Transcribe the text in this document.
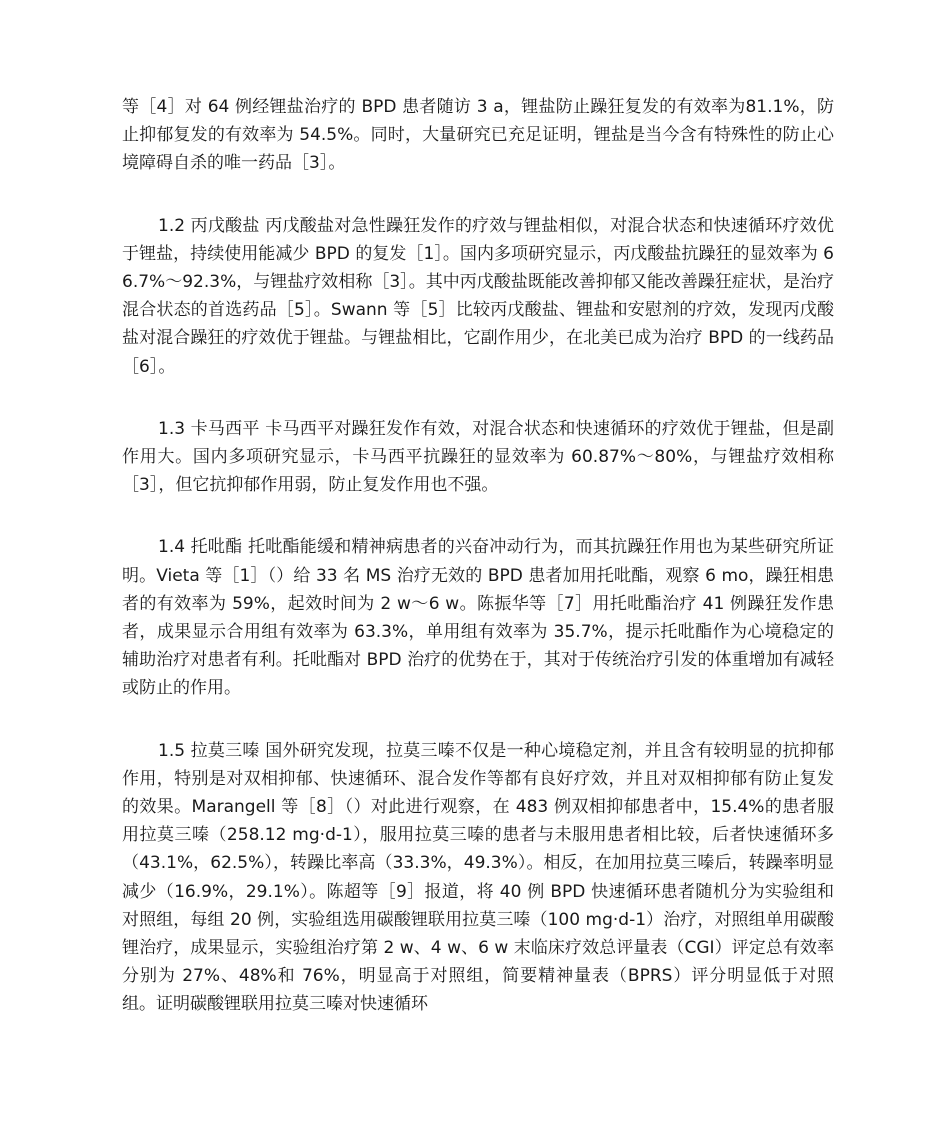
等［4］对 64 例经锂盐治疗的 BPD 患者随访 3 a，锂盐防止躁狂复发的有效率为81.1%，防止抑郁复发的有效率为 54.5%。同时，大量研究已充足证明，锂盐是当今含有特殊性的防止心境障碍自杀的唯一药品［3］。

1.2 丙戊酸盐 丙戊酸盐对急性躁狂发作的疗效与锂盐相似，对混合状态和快速循环疗效优于锂盐，持续使用能减少 BPD 的复发［1］。国内多项研究显示，丙戊酸盐抗躁狂的显效率为 66.7%～92.3%，与锂盐疗效相称［3］。其中丙戊酸盐既能改善抑郁又能改善躁狂症状，是治疗混合状态的首选药品［5］。Swann 等［5］比较丙戊酸盐、锂盐和安慰剂的疗效，发现丙戊酸盐对混合躁狂的疗效优于锂盐。与锂盐相比，它副作用少，在北美已成为治疗 BPD 的一线药品［6］。

1.3 卡马西平 卡马西平对躁狂发作有效，对混合状态和快速循环的疗效优于锂盐，但是副作用大。国内多项研究显示，卡马西平抗躁狂的显效率为 60.87%～80%，与锂盐疗效相称［3］，但它抗抑郁作用弱，防止复发作用也不强。

1.4 托吡酯 托吡酯能缓和精神病患者的兴奋冲动行为，而其抗躁狂作用也为某些研究所证明。Vieta 等［1］（）给 33 名 MS 治疗无效的 BPD 患者加用托吡酯，观察 6 mo，躁狂相患者的有效率为 59%，起效时间为 2 w～6 w。陈振华等［7］用托吡酯治疗 41 例躁狂发作患者，成果显示合用组有效率为 63.3%，单用组有效率为 35.7%，提示托吡酯作为心境稳定的辅助治疗对患者有利。托吡酯对 BPD 治疗的优势在于，其对于传统治疗引发的体重增加有减轻或防止的作用。

1.5 拉莫三嗪 国外研究发现，拉莫三嗪不仅是一种心境稳定剂，并且含有较明显的抗抑郁作用，特别是对双相抑郁、快速循环、混合发作等都有良好疗效，并且对双相抑郁有防止复发的效果。Marangell 等［8］（）对此进行观察，在 483 例双相抑郁患者中，15.4%的患者服用拉莫三嗪（258.12 mg·d-1），服用拉莫三嗪的患者与未服用患者相比较，后者快速循环多（43.1%，62.5%），转躁比率高（33.3%，49.3%）。相反，在加用拉莫三嗪后，转躁率明显减少（16.9%，29.1%）。陈超等［9］报道，将 40 例 BPD 快速循环患者随机分为实验组和对照组，每组 20 例，实验组选用碳酸锂联用拉莫三嗪（100 mg·d-1）治疗，对照组单用碳酸锂治疗，成果显示，实验组治疗第 2 w、4 w、6 w 末临床疗效总评量表（CGI）评定总有效率分别为 27%、48%和 76%，明显高于对照组，简要精神量表（BPRS）评分明显低于对照组。证明碳酸锂联用拉莫三嗪对快速循环
